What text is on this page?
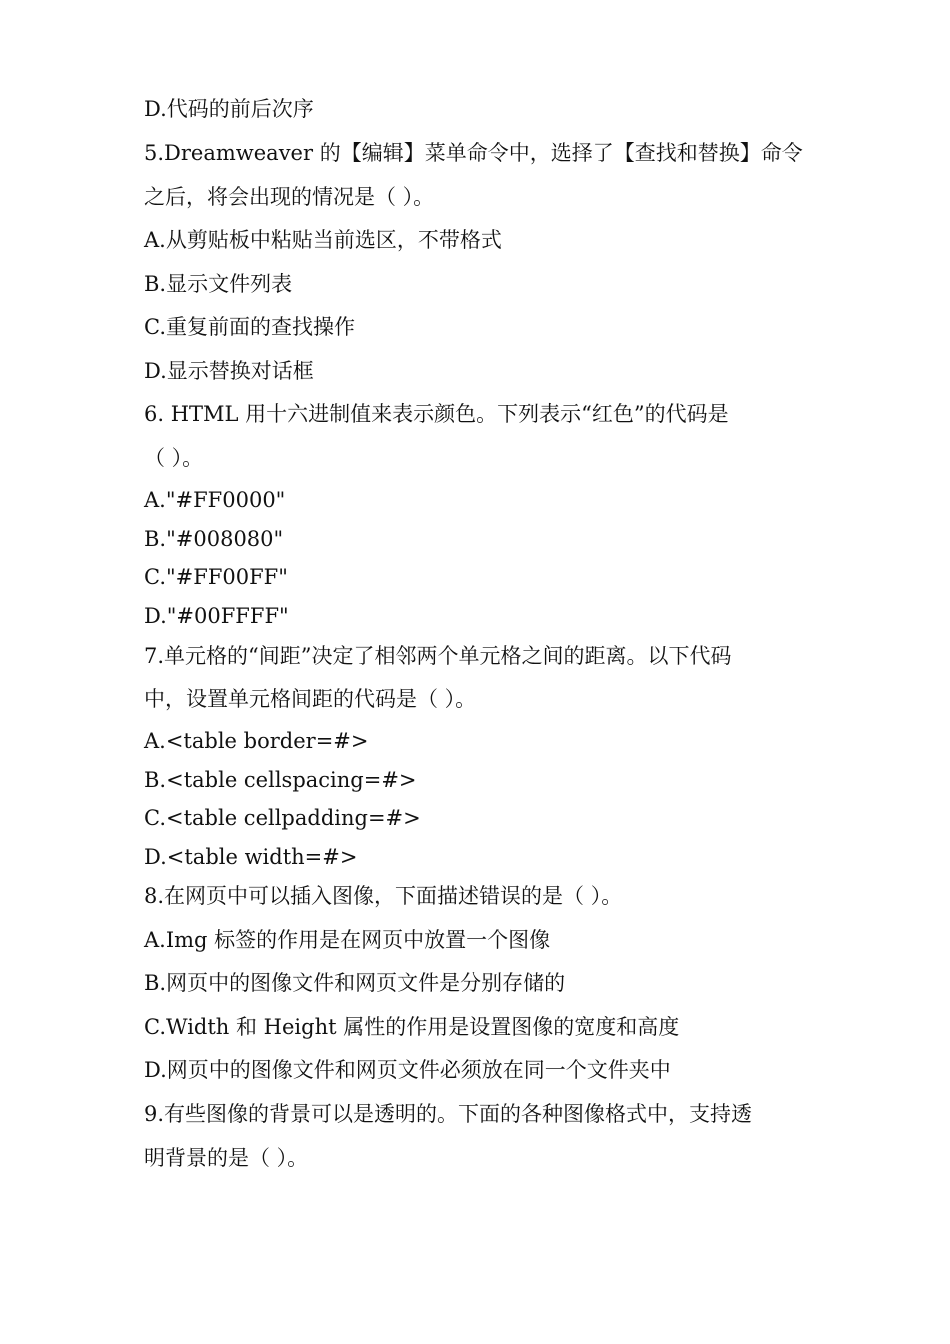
D.代码的前后次序
5.Dreamweaver 的【编辑】菜单命令中，选择了【查找和替换】命令
之后，将会出现的情况是（ ）。
A.从剪贴板中粘贴当前选区，不带格式
B.显示文件列表
C.重复前面的查找操作
D.显示替换对话框
6. HTML 用十六进制值来表示颜色。下列表示“红色”的代码是
（ ）。
A."#FF0000"
B."#008080"
C."#FF00FF"
D."#00FFFF"
7.单元格的“间距”决定了相邻两个单元格之间的距离。以下代码
中，设置单元格间距的代码是（ ）。
A.<table border=#>
B.<table cellspacing=#>
C.<table cellpadding=#>
D.<table width=#>
8.在网页中可以插入图像，下面描述错误的是（ ）。
A.Img 标签的作用是在网页中放置一个图像
B.网页中的图像文件和网页文件是分别存储的
C.Width 和 Height 属性的作用是设置图像的宽度和高度
D.网页中的图像文件和网页文件必须放在同一个文件夹中
9.有些图像的背景可以是透明的。下面的各种图像格式中，支持透
明背景的是（ ）。
